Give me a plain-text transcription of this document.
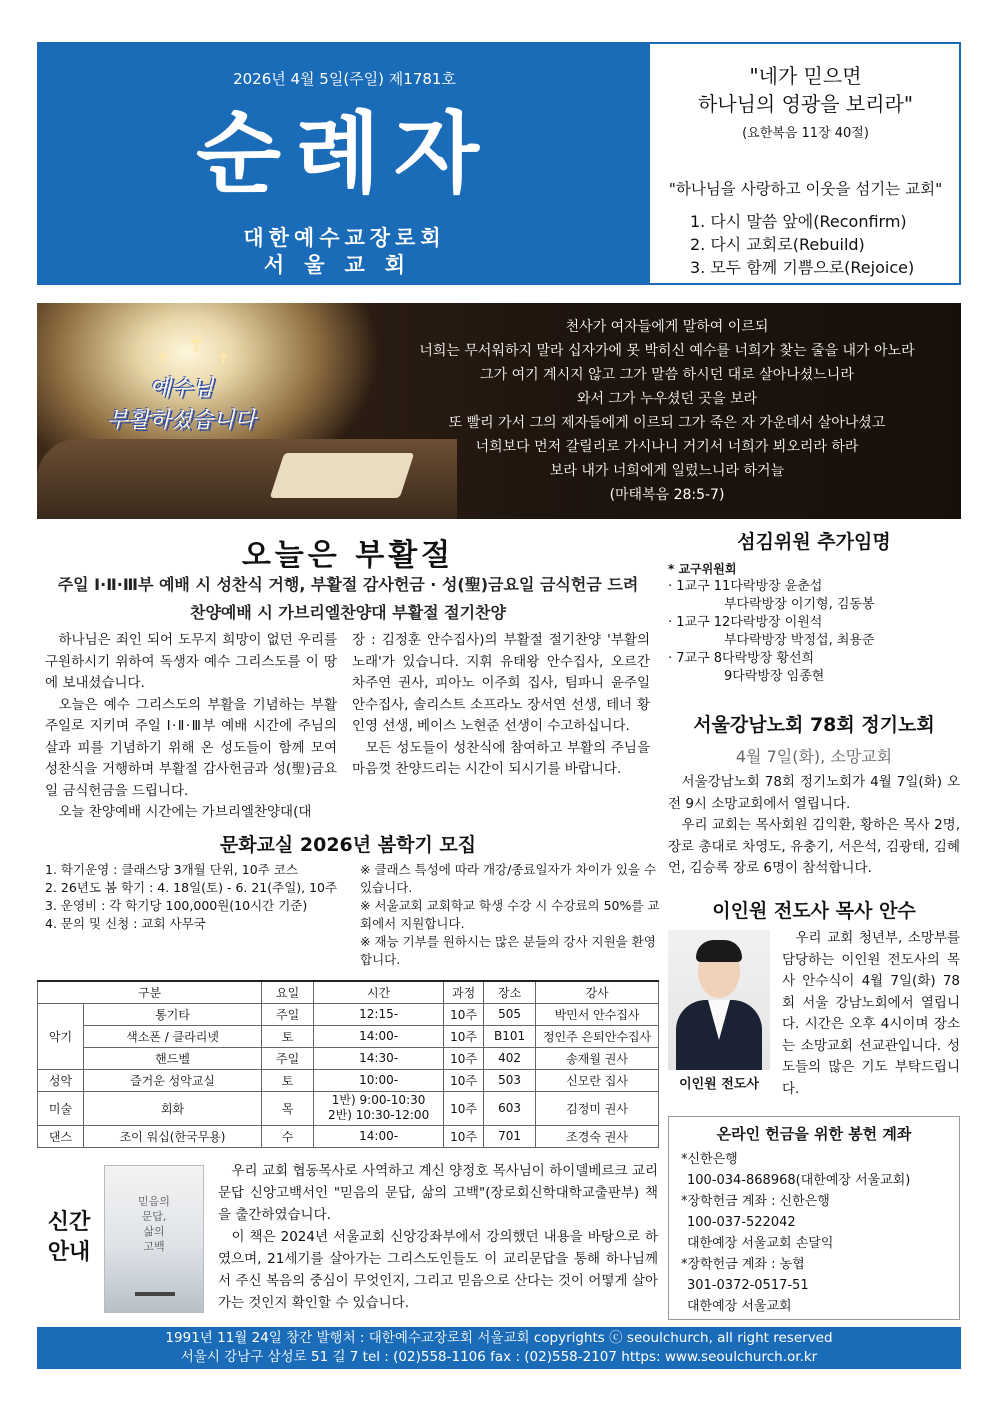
2026년 4월 5일(주일) 제1781호
순례자
대한예수교장로회
서울교회
"네가 믿으면
하나님의 영광을 보리라"
(요한복음 11장 40절)
"하나님을 사랑하고 이웃을 섬기는 교회"
1. 다시 말씀 앞에(Reconfirm)
2. 다시 교회로(Rebuild)
3. 모두 함께 기쁨으로(Rejoice)
✝
✝	✝
예수님
부활하셨습니다
천사가 여자들에게 말하여 이르되
너희는 무서워하지 말라 십자가에 못 박히신 예수를 너희가 찾는 줄을 내가 아노라
그가 여기 계시지 않고 그가 말씀 하시던 대로 살아나셨느니라
와서 그가 누우셨던 곳을 보라
또 빨리 가서 그의 제자들에게 이르되 그가 죽은 자 가운데서 살아나셨고
너희보다 먼저 갈릴리로 가시나니 거기서 너희가 뵈오리라 하라
보라 내가 너희에게 일렀느니라 하거늘
(마태복음 28:5-7)
오늘은 부활절
주일 Ⅰ·Ⅱ·Ⅲ부 예배 시 성찬식 거행, 부활절 감사헌금 · 성(聖)금요일 금식헌금 드려
찬양예배 시 가브리엘찬양대 부활절 절기찬양

하나님은 죄인 되어 도무지 희망이 없던 우리를 구원하시기 위하여 독생자 예수 그리스도를 이 땅에 보내셨습니다.

오늘은 예수 그리스도의 부활을 기념하는 부활주일로 지키며 주일 Ⅰ·Ⅱ·Ⅲ부 예배 시간에 주님의 살과 피를 기념하기 위해 온 성도들이 함께 모여 성찬식을 거행하며 부활절 감사헌금과 성(聖)금요일 금식헌금을 드립니다.

오늘 찬양예배 시간에는 가브리엘찬양대(대

장 : 김정훈 안수집사)의 부활절 절기찬양 '부활의 노래'가 있습니다. 지휘 유태왕 안수집사, 오르간 차주연 권사, 피아노 이주희 집사, 팀파니 윤주일 안수집사, 솔리스트 소프라노 장서연 선생, 테너 황인영 선생, 베이스 노현준 선생이 수고하십니다.

모든 성도들이 성찬식에 참여하고 부활의 주님을 마음껏 찬양드리는 시간이 되시기를 바랍니다.

문화교실 2026년 봄학기 모집
1. 학기운영 : 클래스당 3개월 단위, 10주 코스
2. 26년도 봄 학기 : 4. 18일(토) - 6. 21(주일), 10주
3. 운영비 : 각 학기당 100,000원(10시간 기준)
4. 문의 및 신청 : 교회 사무국
※ 클래스 특성에 따라 개강/종료일자가 차이가 있을 수 있습니다.
※ 서울교회 교회학교 학생 수강 시 수강료의 50%를 교회에서 지원합니다.
※ 재능 기부를 원하시는 많은 분들의 강사 지원을 환영합니다.
구분		요일	시간	과정	장소	강사
악기	통기타	주일	12:15-	10주	505	박민서 안수집사
	색소폰 / 클라리넷	토	14:00-	10주	B101	정인주 은퇴안수집사
	핸드벨	주일	14:30-	10주	402	송재월 권사
성악	즐거운 성악교실	토	10:00-	10주	503	신모란 집사
미술	회화	목	1반) 9:00-10:30
2반) 10:30-12:00	10주	603	김정미 권사
댄스	조이 워십(한국무용)	수	14:00-	10주	701	조경숙 권사
신간
안내
믿음의
문답,
삶의
고백

우리 교회 협동목사로 사역하고 계신 양정호 목사님이 하이델베르크 교리문답 신앙고백서인 "믿음의 문답, 삶의 고백"(장로회신학대학교출판부) 책을 출간하였습니다.

이 책은 2024년 서울교회 신앙강좌부에서 강의했던 내용을 바탕으로 하였으며, 21세기를 살아가는 그리스도인들도 이 교리문답을 통해 하나님께서 주신 복음의 중심이 무엇인지, 그리고 믿음으로 산다는 것이 어떻게 살아가는 것인지 확인할 수 있습니다.

섬김위원 추가임명
* 교구위원회
· 1교구 11다락방장 윤춘섭
부다락방장 이기형, 김동봉
· 1교구 12다락방장 이원석
부다락방장 박정섭, 최용준
· 7교구 8다락방장 황선희
9다락방장 임종현
서울강남노회 78회 정기노회
4월 7일(화), 소망교회

서울강남노회 78회 정기노회가 4월 7일(화) 오전 9시 소망교회에서 열립니다.

우리 교회는 목사회원 김익환, 황하은 목사 2명, 장로 총대로 차영도, 유충기, 서은석, 김광태, 김혜언, 김승록 장로 6명이 참석합니다.

이인원 전도사 목사 안수
이인원 전도사

우리 교회 청년부, 소망부를 담당하는 이인원 전도사의 목사 안수식이 4월 7일(화) 78회 서울 강남노회에서 열립니다. 시간은 오후 4시이며 장소는 소망교회 선교관입니다. 성도들의 많은 기도 부탁드립니다.

온라인 헌금을 위한 봉헌 계좌
*신한은행
100-034-868968(대한예장 서울교회)
*장학헌금 계좌 : 신한은행
100-037-522042
대한예장 서울교회 손달익
*장학헌금 계좌 : 농협
301-0372-0517-51
대한예장 서울교회
1991년 11월 24일 창간 발행처 : 대한예수교장로회 서울교회 copyrights ⓒ seoulchurch, all right reserved
서울시 강남구 삼성로 51 길 7 tel : (02)558-1106 fax : (02)558-2107 https: www.seoulchurch.or.kr
